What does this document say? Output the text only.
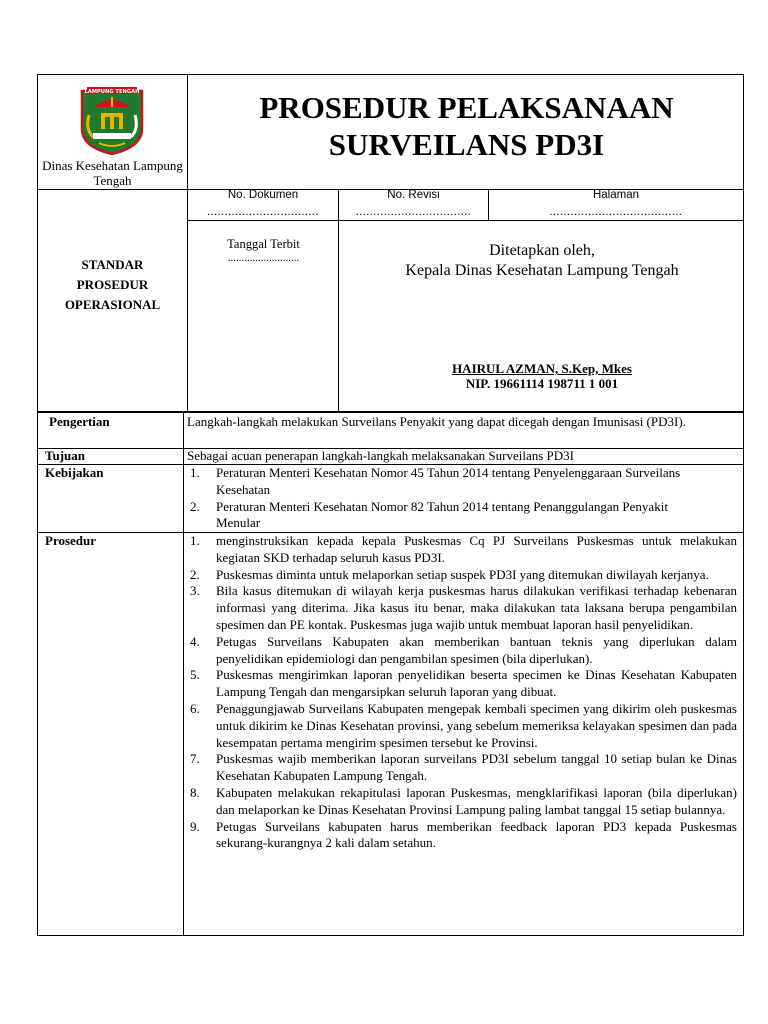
LAMPUNG TENGAH
Dinas Kesehatan Lampung Tengah
PROSEDUR PELAKSANAAN
SURVEILANS PD3I
No. Dokumen
................................
No. Revisi
.................................
Halaman
......................................
STANDAR
PROSEDUR
OPERASIONAL
Tanggal Terbit
..........................	Ditetapkan oleh,
Kepala Dinas Kesehatan Lampung Tengah
HAIRUL AZMAN, S.Kep, Mkes
NIP. 19661114 198711 1 001
Pengertian	Langkah-langkah melakukan Surveilans Penyakit yang dapat dicegah dengan Imunisasi (PD3I).
Tujuan	Sebagai acuan penerapan langkah-langkah melaksanakan Surveilans PD3I
Kebijakan	1. Peraturan Menteri Kesehatan Nomor 45 Tahun 2014 tentang Penyelenggaraan Surveilans Kesehatan
2. Peraturan Menteri Kesehatan Nomor 82 Tahun 2014 tentang Penanggulangan Penyakit Menular
Prosedur	1. menginstruksikan kepada kepala Puskesmas Cq PJ Surveilans Puskesmas untuk melakukan kegiatan SKD terhadap seluruh kasus PD3I.
2. Puskesmas diminta untuk melaporkan setiap suspek PD3I yang ditemukan diwilayah kerjanya.
3. Bila kasus ditemukan di wilayah kerja puskesmas harus dilakukan verifikasi terhadap kebenaran informasi yang diterima. Jika kasus itu benar, maka dilakukan tata laksana berupa pengambilan spesimen dan PE kontak. Puskesmas juga wajib untuk membuat laporan hasil penyelidikan.
4. Petugas Surveilans Kabupaten akan memberikan bantuan teknis yang diperlukan dalam penyelidikan epidemiologi dan pengambilan spesimen (bila diperlukan).
5. Puskesmas mengirimkan laporan penyelidikan beserta specimen ke Dinas Kesehatan Kabupaten Lampung Tengah dan mengarsipkan seluruh laporan yang dibuat.
6. Penaggungjawab Surveilans Kabupaten mengepak kembali specimen yang dikirim oleh puskesmas untuk dikirim ke Dinas Kesehatan provinsi, yang sebelum memeriksa kelayakan spesimen dan pada kesempatan pertama mengirim spesimen tersebut ke Provinsi.
7. Puskesmas wajib memberikan laporan surveilans PD3I sebelum tanggal 10 setiap bulan ke Dinas Kesehatan Kabupaten Lampung Tengah.
8. Kabupaten melakukan rekapitulasi laporan Puskesmas, mengklarifikasi laporan (bila diperlukan) dan melaporkan ke Dinas Kesehatan Provinsi Lampung paling lambat tanggal 15 setiap bulannya.
9. Petugas Surveilans kabupaten harus memberikan feedback laporan PD3 kepada Puskesmas sekurang-kurangnya 2 kali dalam setahun.
